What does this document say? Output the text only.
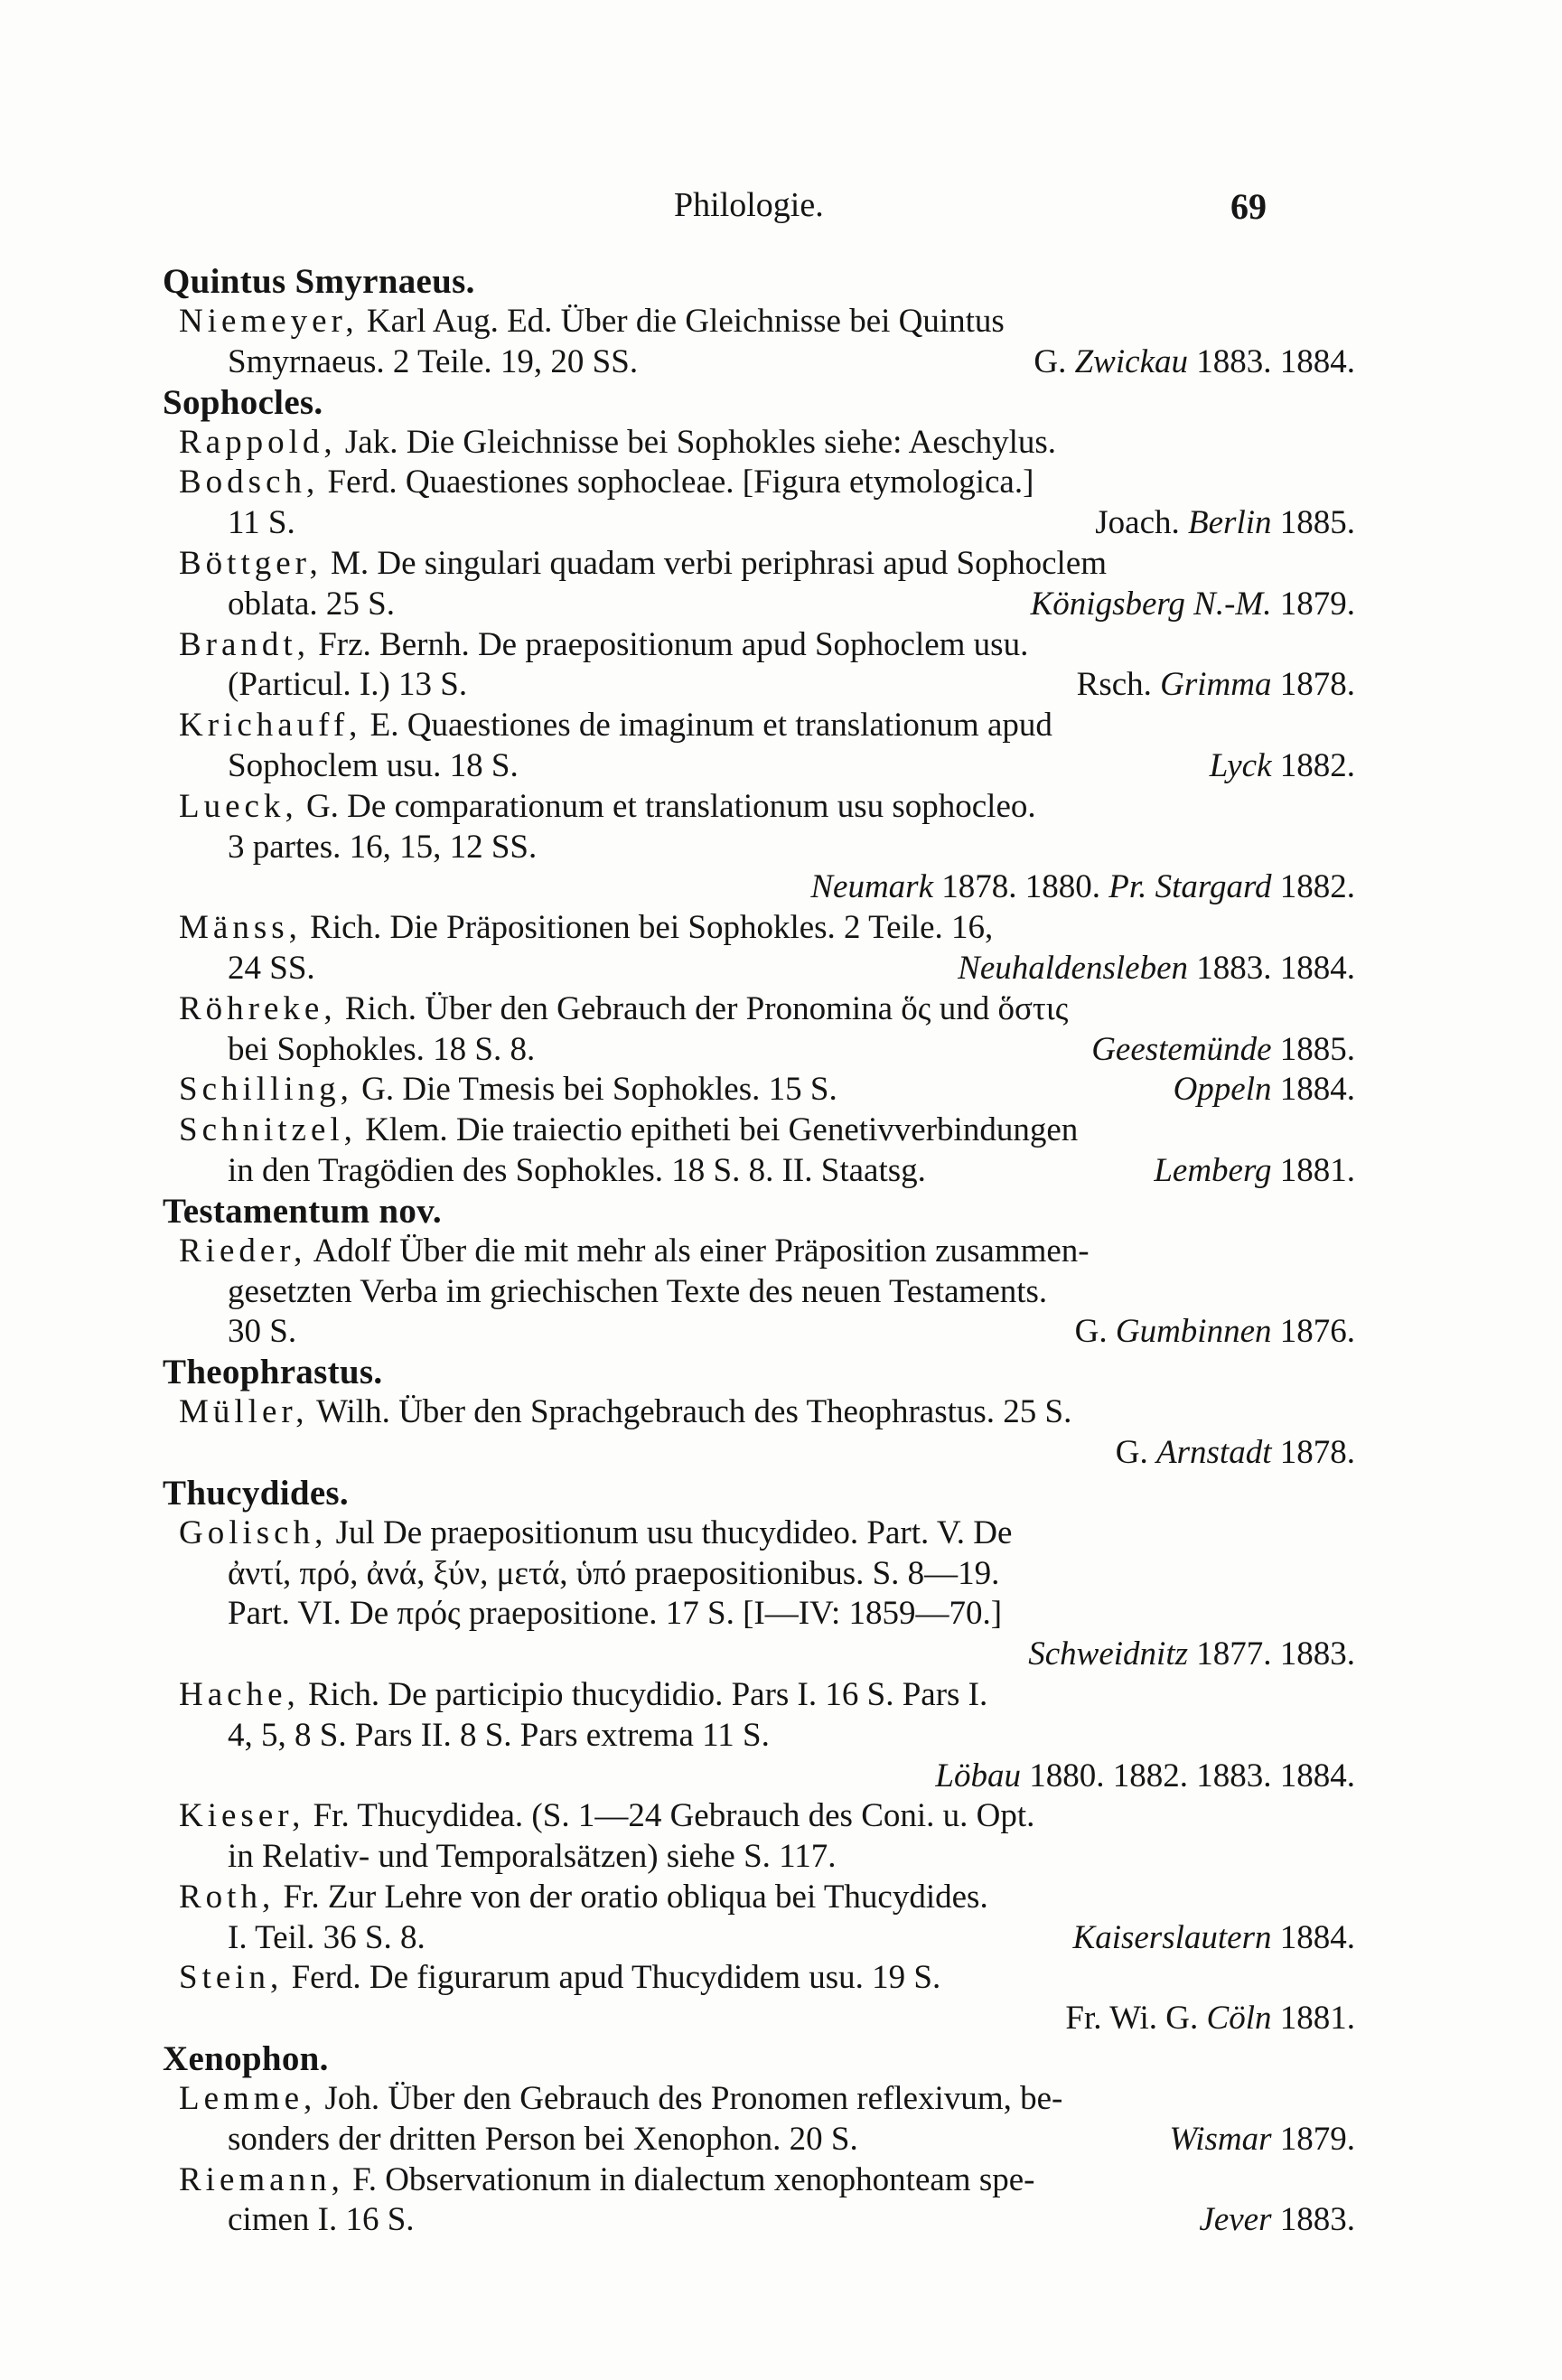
Philologie.	69
Quintus Smyrnaeus.
Niemeyer, Karl Aug. Ed. Über die Gleichnisse bei Quintus
Smyrnaeus. 2 Teile. 19, 20 SS.	G. Zwickau 1883. 1884.
Sophocles.
Rappold, Jak. Die Gleichnisse bei Sophokles siehe: Aeschylus.
Bodsch, Ferd. Quaestiones sophocleae. [Figura etymologica.]
11 S.	Joach. Berlin 1885.
Böttger, M. De singulari quadam verbi periphrasi apud Sophoclem
oblata. 25 S.	Königsberg N.-M. 1879.
Brandt, Frz. Bernh. De praepositionum apud Sophoclem usu.
(Particul. I.) 13 S.	Rsch. Grimma 1878.
Krichauff, E. Quaestiones de imaginum et translationum apud
Sophoclem usu. 18 S.	Lyck 1882.
Lueck, G. De comparationum et translationum usu sophocleo.
3 partes. 16, 15, 12 SS.
Neumark 1878. 1880. Pr. Stargard 1882.
Mänss, Rich. Die Präpositionen bei Sophokles. 2 Teile. 16,
24 SS.	Neuhaldensleben 1883. 1884.
Röhreke, Rich. Über den Gebrauch der Pronomina ὅς und ὅστις
bei Sophokles. 18 S. 8.	Geestemünde 1885.
Schilling, G. Die Tmesis bei Sophokles. 15 S.	Oppeln 1884.
Schnitzel, Klem. Die traiectio epitheti bei Genetivverbindungen
in den Tragödien des Sophokles. 18 S. 8. II. Staatsg.	Lemberg 1881.
Testamentum nov.
Rieder, Adolf Über die mit mehr als einer Präposition zusammen-
gesetzten Verba im griechischen Texte des neuen Testaments.
30 S.	G. Gumbinnen 1876.
Theophrastus.
Müller, Wilh. Über den Sprachgebrauch des Theophrastus. 25 S.
G. Arnstadt 1878.
Thucydides.
Golisch, Jul De praepositionum usu thucydideo. Part. V. De
ἀντί, πρό, ἀνά, ξύν, μετά, ὑπό praepositionibus. S. 8—19.
Part. VI. De πρός praepositione. 17 S. [I—IV: 1859—70.]
Schweidnitz 1877. 1883.
Hache, Rich. De participio thucydidio. Pars I. 16 S. Pars I.
4, 5, 8 S. Pars II. 8 S. Pars extrema 11 S.
Löbau 1880. 1882. 1883. 1884.
Kieser, Fr. Thucydidea. (S. 1—24 Gebrauch des Coni. u. Opt.
in Relativ- und Temporalsätzen) siehe S. 117.
Roth, Fr. Zur Lehre von der oratio obliqua bei Thucydides.
I. Teil. 36 S. 8.	Kaiserslautern 1884.
Stein, Ferd. De figurarum apud Thucydidem usu. 19 S.
Fr. Wi. G. Cöln 1881.
Xenophon.
Lemme, Joh. Über den Gebrauch des Pronomen reflexivum, be-
sonders der dritten Person bei Xenophon. 20 S.	Wismar 1879.
Riemann, F. Observationum in dialectum xenophonteam spe-
cimen I. 16 S.	Jever 1883.
